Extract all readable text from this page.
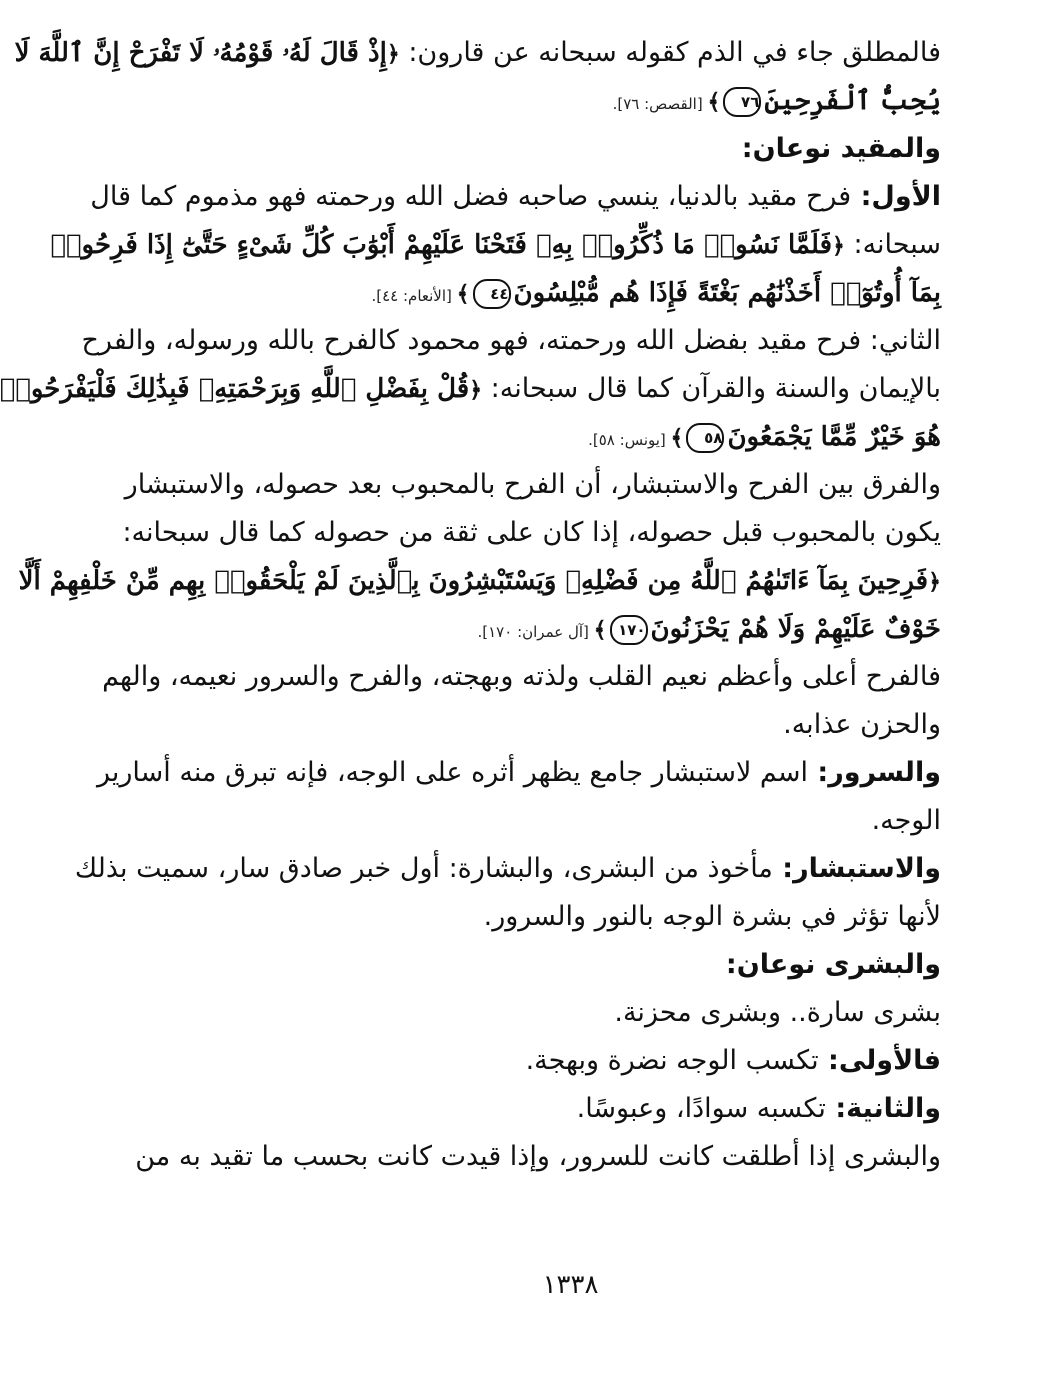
فالمطلق جاء في الذم كقوله سبحانه عن قارون: ﴿إِذْ قَالَ لَهُۥ قَوْمُهُۥ لَا تَفْرَحْ إِنَّ ٱللَّهَ لَا
يُحِبُّ ٱلْفَرِحِينَ٧٦﴾ [القصص: ٧٦].
والمقيد نوعان:
الأول: فرح مقيد بالدنيا، ينسي صاحبه فضل الله ورحمته فهو مذموم كما قال
سبحانه: ﴿فَلَمَّا نَسُوا۟ مَا ذُكِّرُوا۟ بِهِۦ فَتَحْنَا عَلَيْهِمْ أَبْوَٰبَ كُلِّ شَىْءٍ حَتَّىٰٓ إِذَا فَرِحُوا۟
بِمَآ أُوتُوٓا۟ أَخَذْنَٰهُم بَغْتَةً فَإِذَا هُم مُّبْلِسُونَ٤٤﴾ [الأنعام: ٤٤].
الثاني: فرح مقيد بفضل الله ورحمته، فهو محمود كالفرح بالله ورسوله، والفرح
بالإيمان والسنة والقرآن كما قال سبحانه: ﴿قُلْ بِفَضْلِ ٱللَّهِ وَبِرَحْمَتِهِۦ فَبِذَٰلِكَ فَلْيَفْرَحُوا۟
هُوَ خَيْرٌ مِّمَّا يَجْمَعُونَ٥٨﴾ [يونس: ٥٨].
والفرق بين الفرح والاستبشار، أن الفرح بالمحبوب بعد حصوله، والاستبشار
يكون بالمحبوب قبل حصوله، إذا كان على ثقة من حصوله كما قال سبحانه:
﴿فَرِحِينَ بِمَآ ءَاتَىٰهُمُ ٱللَّهُ مِن فَضْلِهِۦ وَيَسْتَبْشِرُونَ بِٱلَّذِينَ لَمْ يَلْحَقُوا۟ بِهِم مِّنْ خَلْفِهِمْ أَلَّا
خَوْفٌ عَلَيْهِمْ وَلَا هُمْ يَحْزَنُونَ١٧٠﴾ [آل عمران: ١٧٠].
فالفرح أعلى وأعظم نعيم القلب ولذته وبهجته، والفرح والسرور نعيمه، والهم
والحزن عذابه.
والسرور: اسم لاستبشار جامع يظهر أثره على الوجه، فإنه تبرق منه أسارير
الوجه.
والاستبشار: مأخوذ من البشرى، والبشارة: أول خبر صادق سار، سميت بذلك
لأنها تؤثر في بشرة الوجه بالنور والسرور.
والبشرى نوعان:
بشرى سارة.. وبشرى محزنة.
فالأولى: تكسب الوجه نضرة وبهجة.
والثانية: تكسبه سوادًا، وعبوسًا.
والبشرى إذا أطلقت كانت للسرور، وإذا قيدت كانت بحسب ما تقيد به من
١٣٣٨
